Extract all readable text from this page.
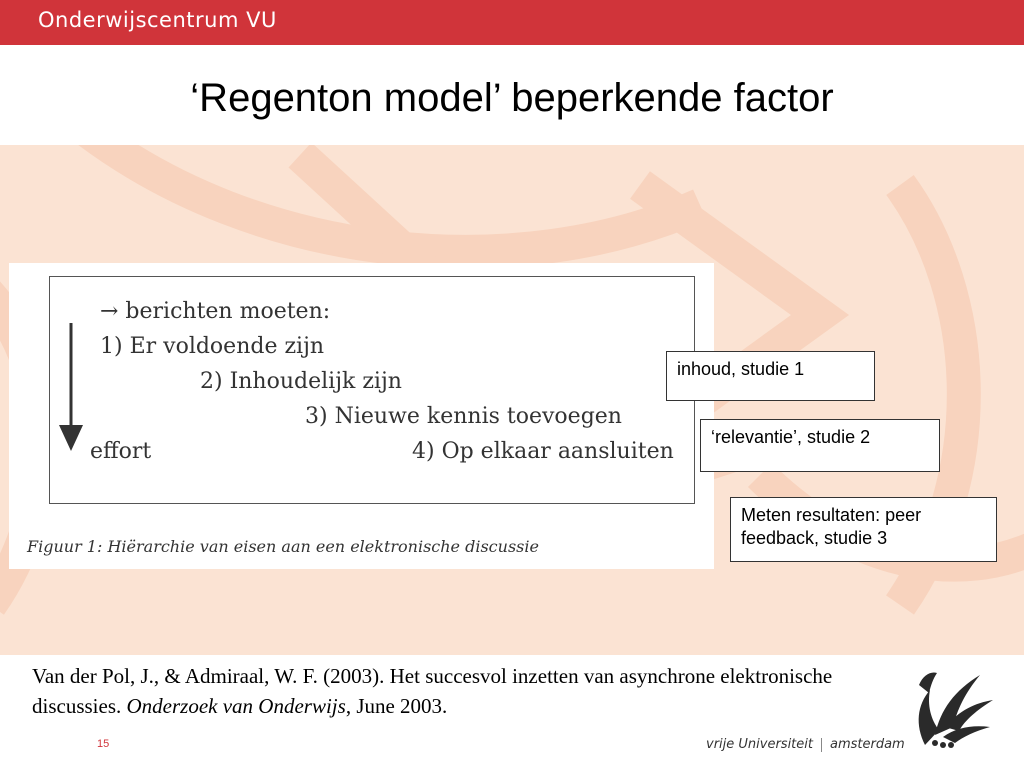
Onderwijscentrum VU
‘Regenton model’ beperkende factor
→ berichten moeten:
1) Er voldoende zijn
2) Inhoudelijk zijn
3) Nieuwe kennis toevoegen
effort	4) Op elkaar aansluiten
Figuur 1: Hiërarchie van eisen aan een elektronische discussie
inhoud, studie 1
‘relevantie’, studie 2
Meten resultaten: peer feedback, studie 3
Van der Pol, J., & Admiraal, W. F. (2003). Het succesvol inzetten van asynchrone elektronische discussies. Onderzoek van Onderwijs, June 2003.
15	vrije Universiteit amsterdam
